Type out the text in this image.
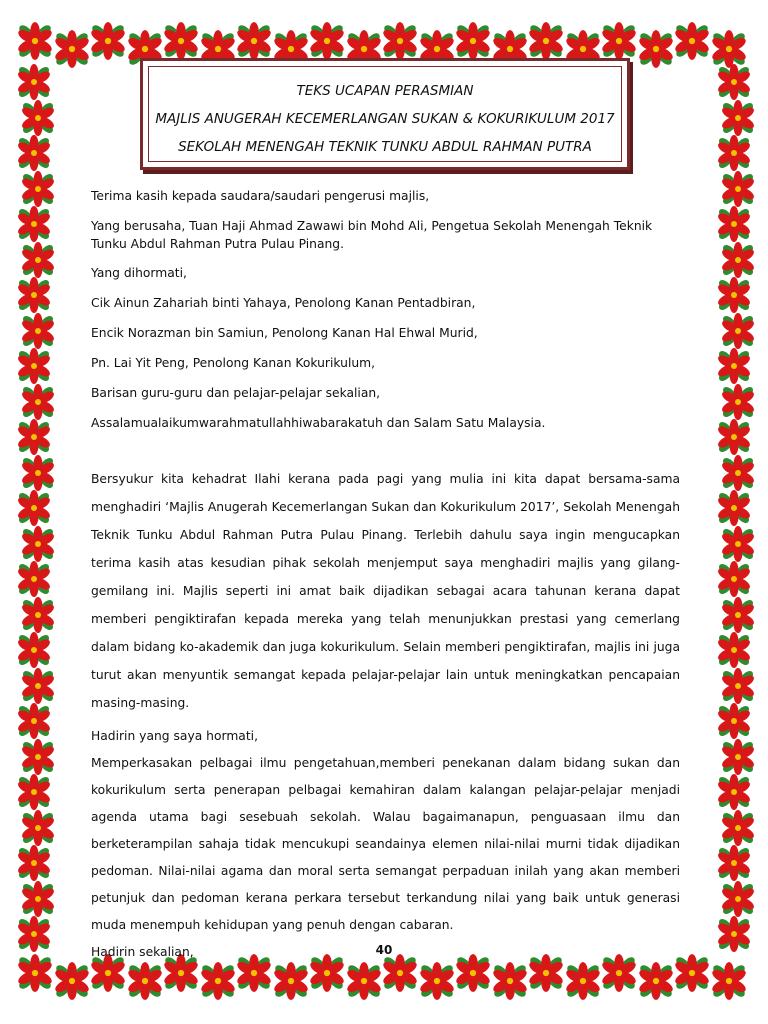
TEKS UCAPAN PERASMIAN
MAJLIS ANUGERAH KECEMERLANGAN SUKAN & KOKURIKULUM 2017
SEKOLAH MENENGAH TEKNIK TUNKU ABDUL RAHMAN PUTRA

Terima kasih kepada saudara/saudari pengerusi majlis,

Yang berusaha, Tuan Haji Ahmad Zawawi bin Mohd Ali, Pengetua Sekolah Menengah Teknik Tunku Abdul Rahman Putra Pulau Pinang.

Yang dihormati,

Cik Ainun Zahariah binti Yahaya, Penolong Kanan Pentadbiran,

Encik Norazman bin Samiun, Penolong Kanan Hal Ehwal Murid,

Pn. Lai Yit Peng, Penolong Kanan Kokurikulum,

Barisan guru-guru dan pelajar-pelajar sekalian,

Assalamualaikumwarahmatullahhiwabarakatuh dan Salam Satu Malaysia.

Bersyukur kita kehadrat Ilahi kerana pada pagi yang mulia ini kita dapat bersama-sama menghadiri ‘Majlis Anugerah Kecemerlangan Sukan dan Kokurikulum 2017’, Sekolah Menengah Teknik Tunku Abdul Rahman Putra Pulau Pinang. Terlebih dahulu saya ingin mengucapkan terima kasih atas kesudian pihak sekolah menjemput saya menghadiri majlis yang gilang-gemilang ini. Majlis seperti ini amat baik dijadikan sebagai acara tahunan kerana dapat memberi pengiktirafan kepada mereka yang telah menunjukkan prestasi yang cemerlang dalam bidang ko-akademik dan juga kokurikulum. Selain memberi pengiktirafan, majlis ini juga turut akan menyuntik semangat kepada pelajar-pelajar lain untuk meningkatkan pencapaian masing-masing.

Hadirin yang saya hormati,

Memperkasakan pelbagai ilmu pengetahuan,memberi penekanan dalam bidang sukan dan kokurikulum serta penerapan pelbagai kemahiran dalam kalangan pelajar-pelajar menjadi agenda utama bagi sesebuah sekolah. Walau bagaimanapun, penguasaan ilmu dan berketerampilan sahaja tidak mencukupi seandainya elemen nilai-nilai murni tidak dijadikan pedoman. Nilai-nilai agama dan moral serta semangat perpaduan inilah yang akan memberi petunjuk dan pedoman kerana perkara tersebut terkandung nilai yang baik untuk generasi muda menempuh kehidupan yang penuh dengan cabaran.

Hadirin sekalian,	40
